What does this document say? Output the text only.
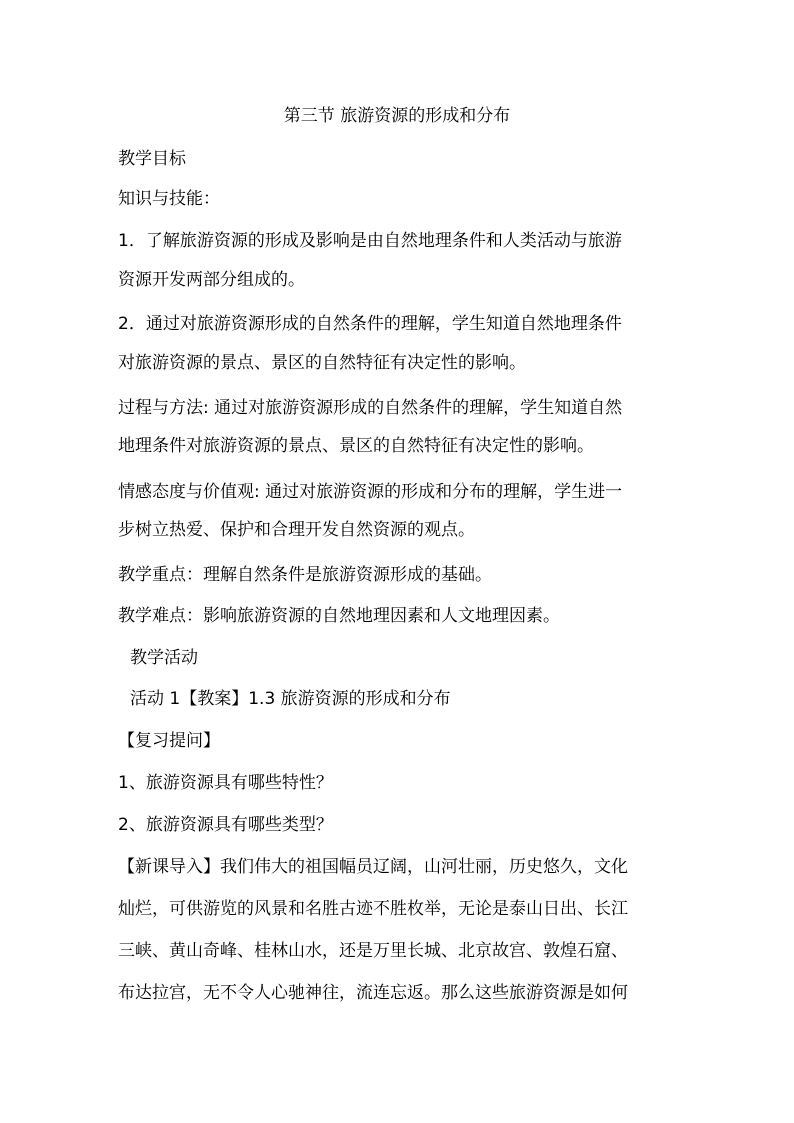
第三节 旅游资源的形成和分布
教学目标
知识与技能：
1．了解旅游资源的形成及影响是由自然地理条件和人类活动与旅游
资源开发两部分组成的。
2．通过对旅游资源形成的自然条件的理解，学生知道自然地理条件
对旅游资源的景点、景区的自然特征有决定性的影响。
过程与方法: 通过对旅游资源形成的自然条件的理解，学生知道自然
地理条件对旅游资源的景点、景区的自然特征有决定性的影响。
情感态度与价值观: 通过对旅游资源的形成和分布的理解，学生进一
步树立热爱、保护和合理开发自然资源的观点。
教学重点：理解自然条件是旅游资源形成的基础。
教学难点：影响旅游资源的自然地理因素和人文地理因素。
教学活动
活动 1【教案】1.3 旅游资源的形成和分布
【复习提问】
1、旅游资源具有哪些特性？
2、旅游资源具有哪些类型？
【新课导入】我们伟大的祖国幅员辽阔，山河壮丽，历史悠久，文化
灿烂，可供游览的风景和名胜古迹不胜枚举，无论是泰山日出、长江
三峡、黄山奇峰、桂林山水，还是万里长城、北京故宫、敦煌石窟、
布达拉宫，无不令人心驰神往，流连忘返。那么这些旅游资源是如何
